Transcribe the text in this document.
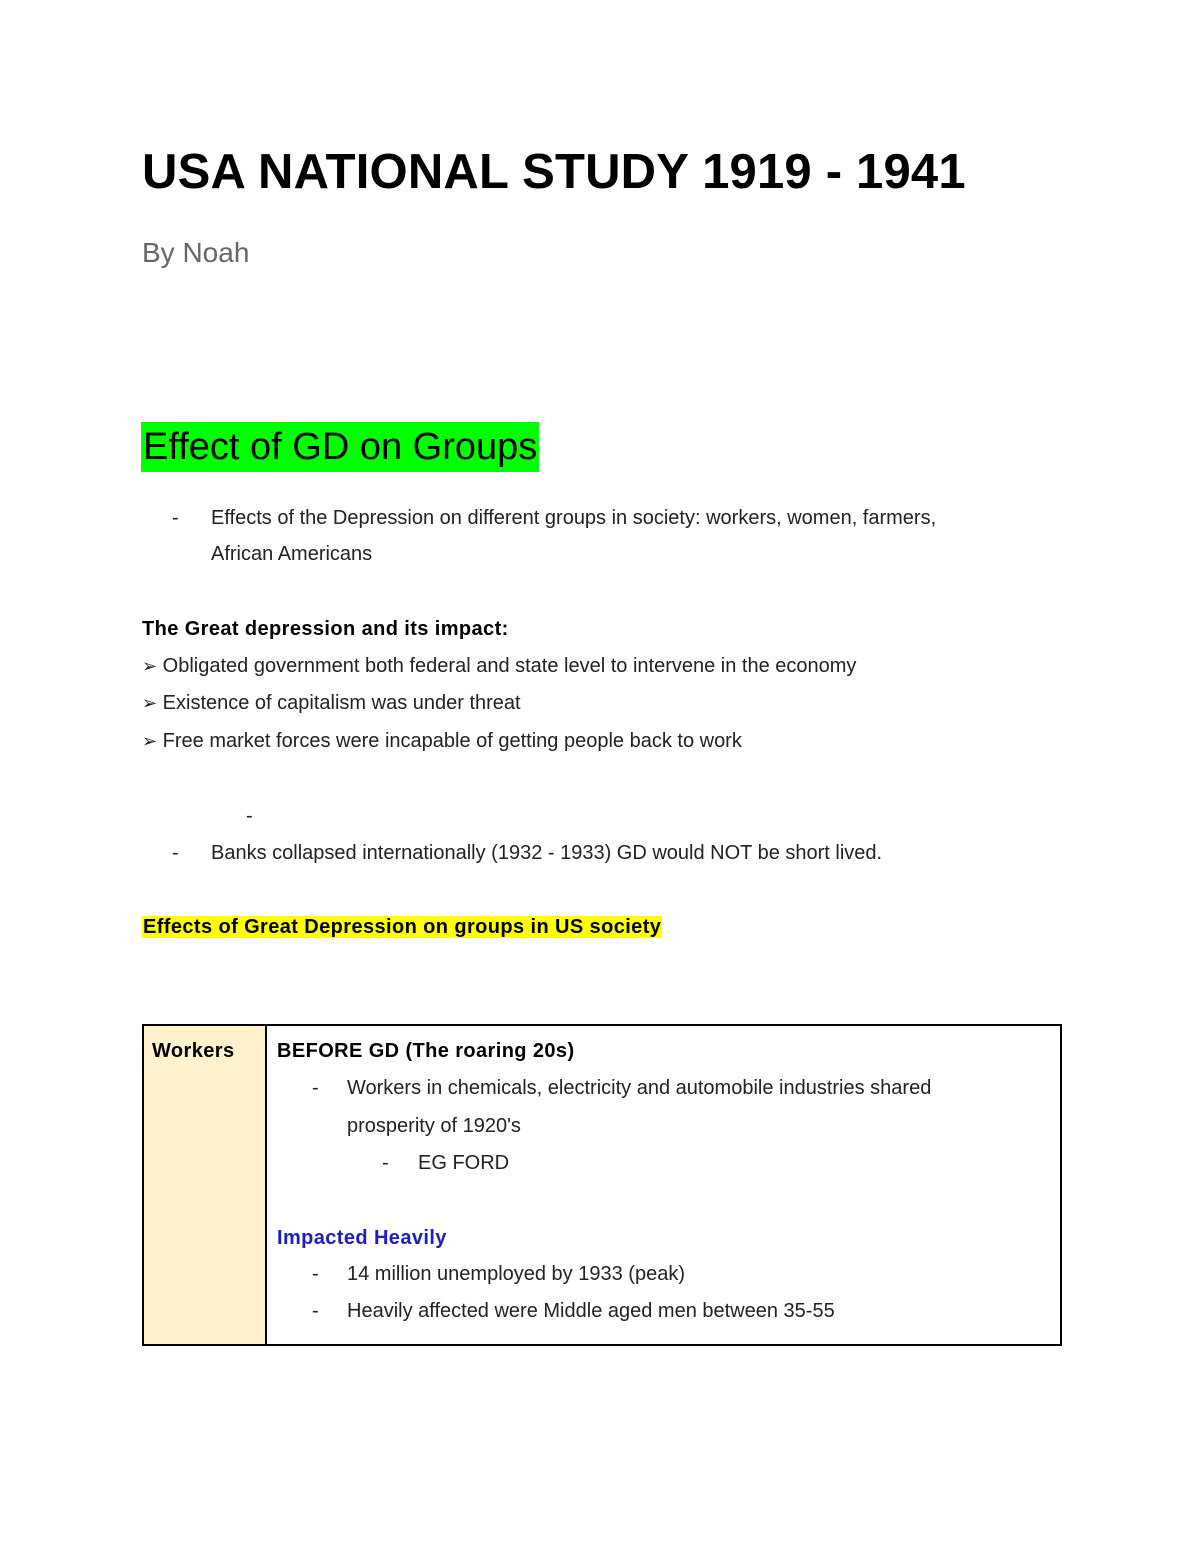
USA NATIONAL STUDY 1919 - 1941
By Noah
Effect of GD on Groups
- Effects of the Depression on different groups in society: workers, women, farmers,
African Americans
The Great depression and its impact:
➢ Obligated government both federal and state level to intervene in the economy
➢ Existence of capitalism was under threat
➢ Free market forces were incapable of getting people back to work
-
- Banks collapsed internationally (1932 - 1933) GD would NOT be short lived.
Effects of Great Depression on groups in US society
Workers BEFORE GD (The roaring 20s)
- Workers in chemicals, electricity and automobile industries shared
prosperity of 1920's
- EG FORD
Impacted Heavily
- 14 million unemployed by 1933 (peak)
- Heavily affected were Middle aged men between 35-55
